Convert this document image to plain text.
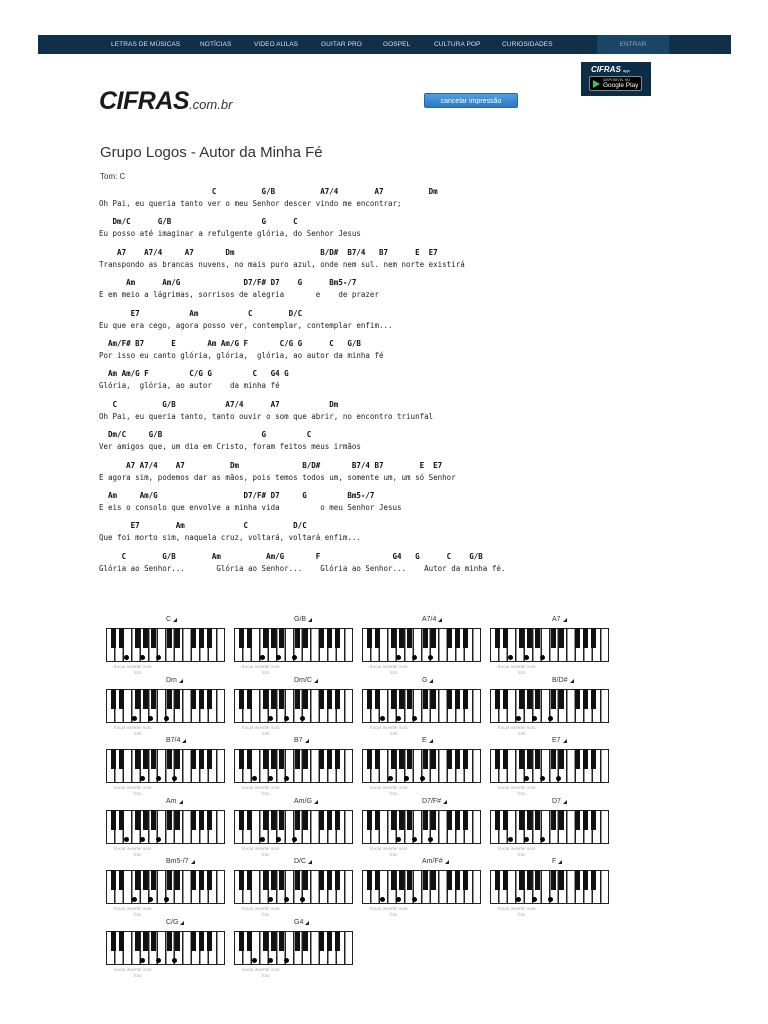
LETRAS DE MÚSICAS	NOTÍCIAS	VIDEO AULAS	GUITAR PRO	GOSPEL	CULTURA POP	CURIOSIDADES	ENTRAR
CIFRAS.com.br	cancelar impressão
CIFRAS app
DISPONÍVEL NO
Google Play
Grupo Logos - Autor da Minha Fé
Tom: C
C          G/B          A7/4        A7          Dm
Oh Pai, eu queria tanto ver o meu Senhor descer vindo me encontrar;
Dm/C      G/B                    G      C
Eu posso até imaginar a refulgente glória, do Senhor Jesus
A7    A7/4     A7       Dm                   B/D#  B7/4   B7      E  E7
Transpondo as brancas nuvens, no mais puro azul, onde nem sul. nem norte existirá
Am      Am/G              D7/F# D7    G      Bm5-/7
E em meio a lágrimas, sorrisos de alegria       e    de prazer
E7           Am           C        D/C
Eu que era cego, agora posso ver, contemplar, contemplar enfim...
Am/F# B7      E       Am Am/G F       C/G G      C   G/B
Por isso eu canto glória, glória,  glória, ao autor da minha fé
Am Am/G F         C/G G         C   G4 G
Glória,  glória, ao autor    da minha fé
C          G/B           A7/4      A7           Dm
Oh Pai, eu queria tanto, tanto ouvir o som que abrir, no encontro triunfal
Dm/C     G/B                      G         C
Ver amigos que, um dia em Cristo, foram feitos meus irmãos
A7 A7/4    A7          Dm              B/D#       B7/4 B7        E  E7
E agora sim, podemos dar as mãos, pois temos todos um, somente um, um só Senhor
Am     Am/G                   D7/F# D7     G         Bm5-/7
E eis o consolo que envolve a minha vida         o meu Senhor Jesus
E7        Am             C          D/C
Que foi morto sim, naquela cruz, voltará, voltará enfim...
C        G/B        Am          Am/G       F                G4   G      C    G/B
Glória ao Senhor...       Glória ao Senhor...    Glória ao Senhor...    Autor da minha fé.
C
trocar inverter som
foto
G/B
trocar inverter som
foto
A7/4
trocar inverter som
foto
A7
trocar inverter som
foto
Dm
trocar inverter som
foto
Dm/C
trocar inverter som
foto
G
trocar inverter som
foto
B/D#
trocar inverter som
foto
B7/4
trocar inverter som
foto
B7
trocar inverter som
foto
E
trocar inverter som
foto
E7
trocar inverter som
foto
Am
trocar inverter som
foto
Am/G
trocar inverter som
foto
D7/F#
trocar inverter som
foto
D7
trocar inverter som
foto
Bm5-/7
trocar inverter som
foto
D/C
trocar inverter som
foto
Am/F#
trocar inverter som
foto
F
trocar inverter som
foto
C/G
trocar inverter som
foto
G4
trocar inverter som
foto
